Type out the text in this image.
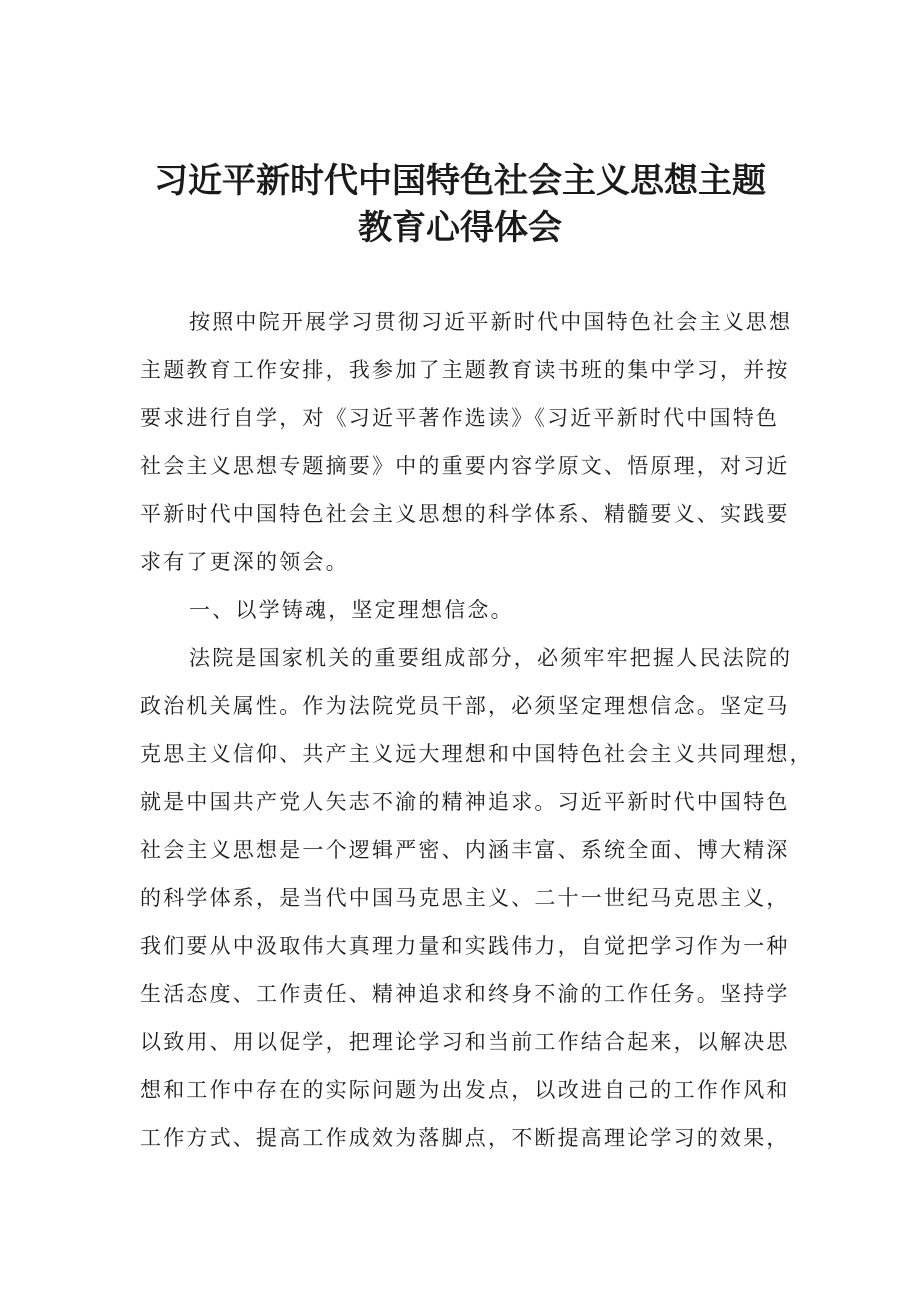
习近平新时代中国特色社会主义思想主题
教育心得体会

按照中院开展学习贯彻习近平新时代中国特色社会主义思想

主题教育工作安排，我参加了主题教育读书班的集中学习，并按

要求进行自学，对《习近平著作选读》《习近平新时代中国特色

社会主义思想专题摘要》中的重要内容学原文、悟原理，对习近

平新时代中国特色社会主义思想的科学体系、精髓要义、实践要

求有了更深的领会。

一、以学铸魂，坚定理想信念。

法院是国家机关的重要组成部分，必须牢牢把握人民法院的

政治机关属性。作为法院党员干部，必须坚定理想信念。坚定马

克思主义信仰、共产主义远大理想和中国特色社会主义共同理想，

就是中国共产党人矢志不渝的精神追求。习近平新时代中国特色

社会主义思想是一个逻辑严密、内涵丰富、系统全面、博大精深

的科学体系，是当代中国马克思主义、二十一世纪马克思主义，

我们要从中汲取伟大真理力量和实践伟力，自觉把学习作为一种

生活态度、工作责任、精神追求和终身不渝的工作任务。坚持学

以致用、用以促学，把理论学习和当前工作结合起来，以解决思

想和工作中存在的实际问题为出发点，以改进自己的工作作风和

工作方式、提高工作成效为落脚点，不断提高理论学习的效果，
